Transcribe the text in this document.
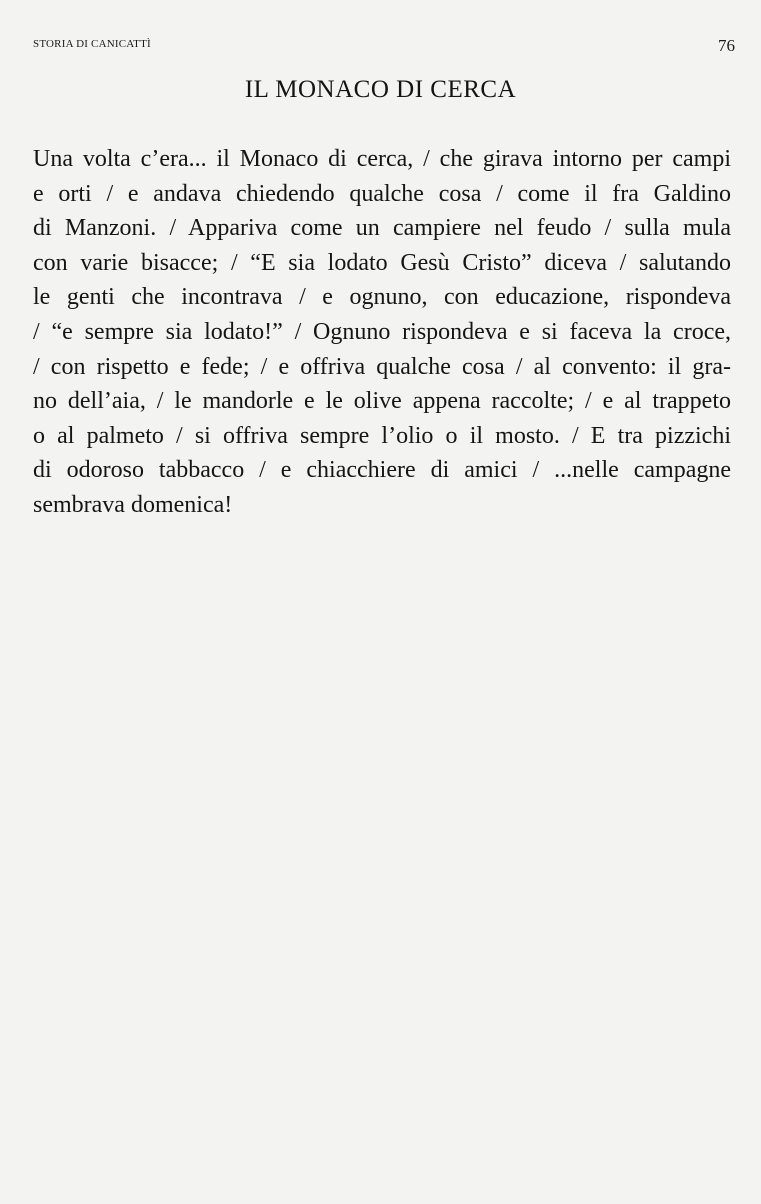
STORIA DI CANICATTÌ	76
IL MONACO DI CERCA
Una volta c’era... il Monaco di cerca, / che girava intorno per campi
e orti / e andava chiedendo qualche cosa / come il fra Galdino
di Manzoni. / Appariva come un campiere nel feudo / sulla mula
con varie bisacce; / “E sia lodato Gesù Cristo” diceva / salutando
le genti che incontrava / e ognuno, con educazione, rispondeva
/ “e sempre sia lodato!” / Ognuno rispondeva e si faceva la croce,
/ con rispetto e fede; / e offriva qualche cosa / al convento: il gra-
no dell’aia, / le mandorle e le olive appena raccolte; / e al trappeto
o al palmeto / si offriva sempre l’olio o il mosto. / E tra pizzichi
di odoroso tabbacco / e chiacchiere di amici / ...nelle campagne
sembrava domenica!
